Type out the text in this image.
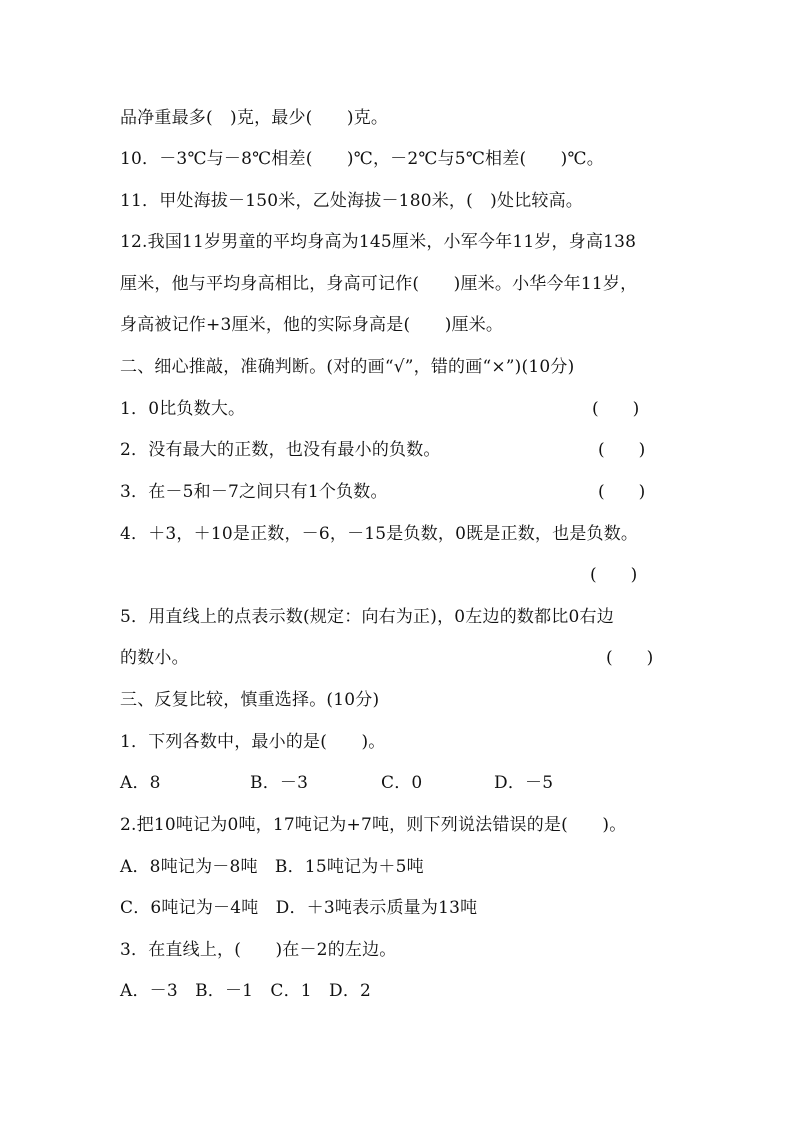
品净重最多(　)克，最少(　　)克。
10．－3℃与－8℃相差(　　)℃，－2℃与5℃相差(　　)℃。
11．甲处海拔－150米，乙处海拔－180米，(　)处比较高。
12.我国11岁男童的平均身高为145厘米，小军今年11岁，身高138
厘米，他与平均身高相比，身高可记作(　　)厘米。小华今年11岁，
身高被记作+3厘米，他的实际身高是(　　)厘米。
二、细心推敲，准确判断。(对的画“√”，错的画“×”)(10分)
1．0比负数大。	(　　)
2．没有最大的正数，也没有最小的负数。	(　　)
3．在－5和－7之间只有1个负数。	(　　)
4．＋3，＋10是正数，－6，－15是负数，0既是正数，也是负数。
(　　)
5．用直线上的点表示数(规定：向右为正)，0左边的数都比0右边
的数小。	(　　)
三、反复比较，慎重选择。(10分)
1．下列各数中，最小的是(　　)。
A．8	B．－3	C．0	D．－5
2.把10吨记为0吨，17吨记为+7吨，则下列说法错误的是(　　)。
A．8吨记为－8吨　B．15吨记为＋5吨
C．6吨记为－4吨　D．＋3吨表示质量为13吨
3．在直线上，(　　)在－2的左边。
A．－3　B．－1　C．1　D．2
